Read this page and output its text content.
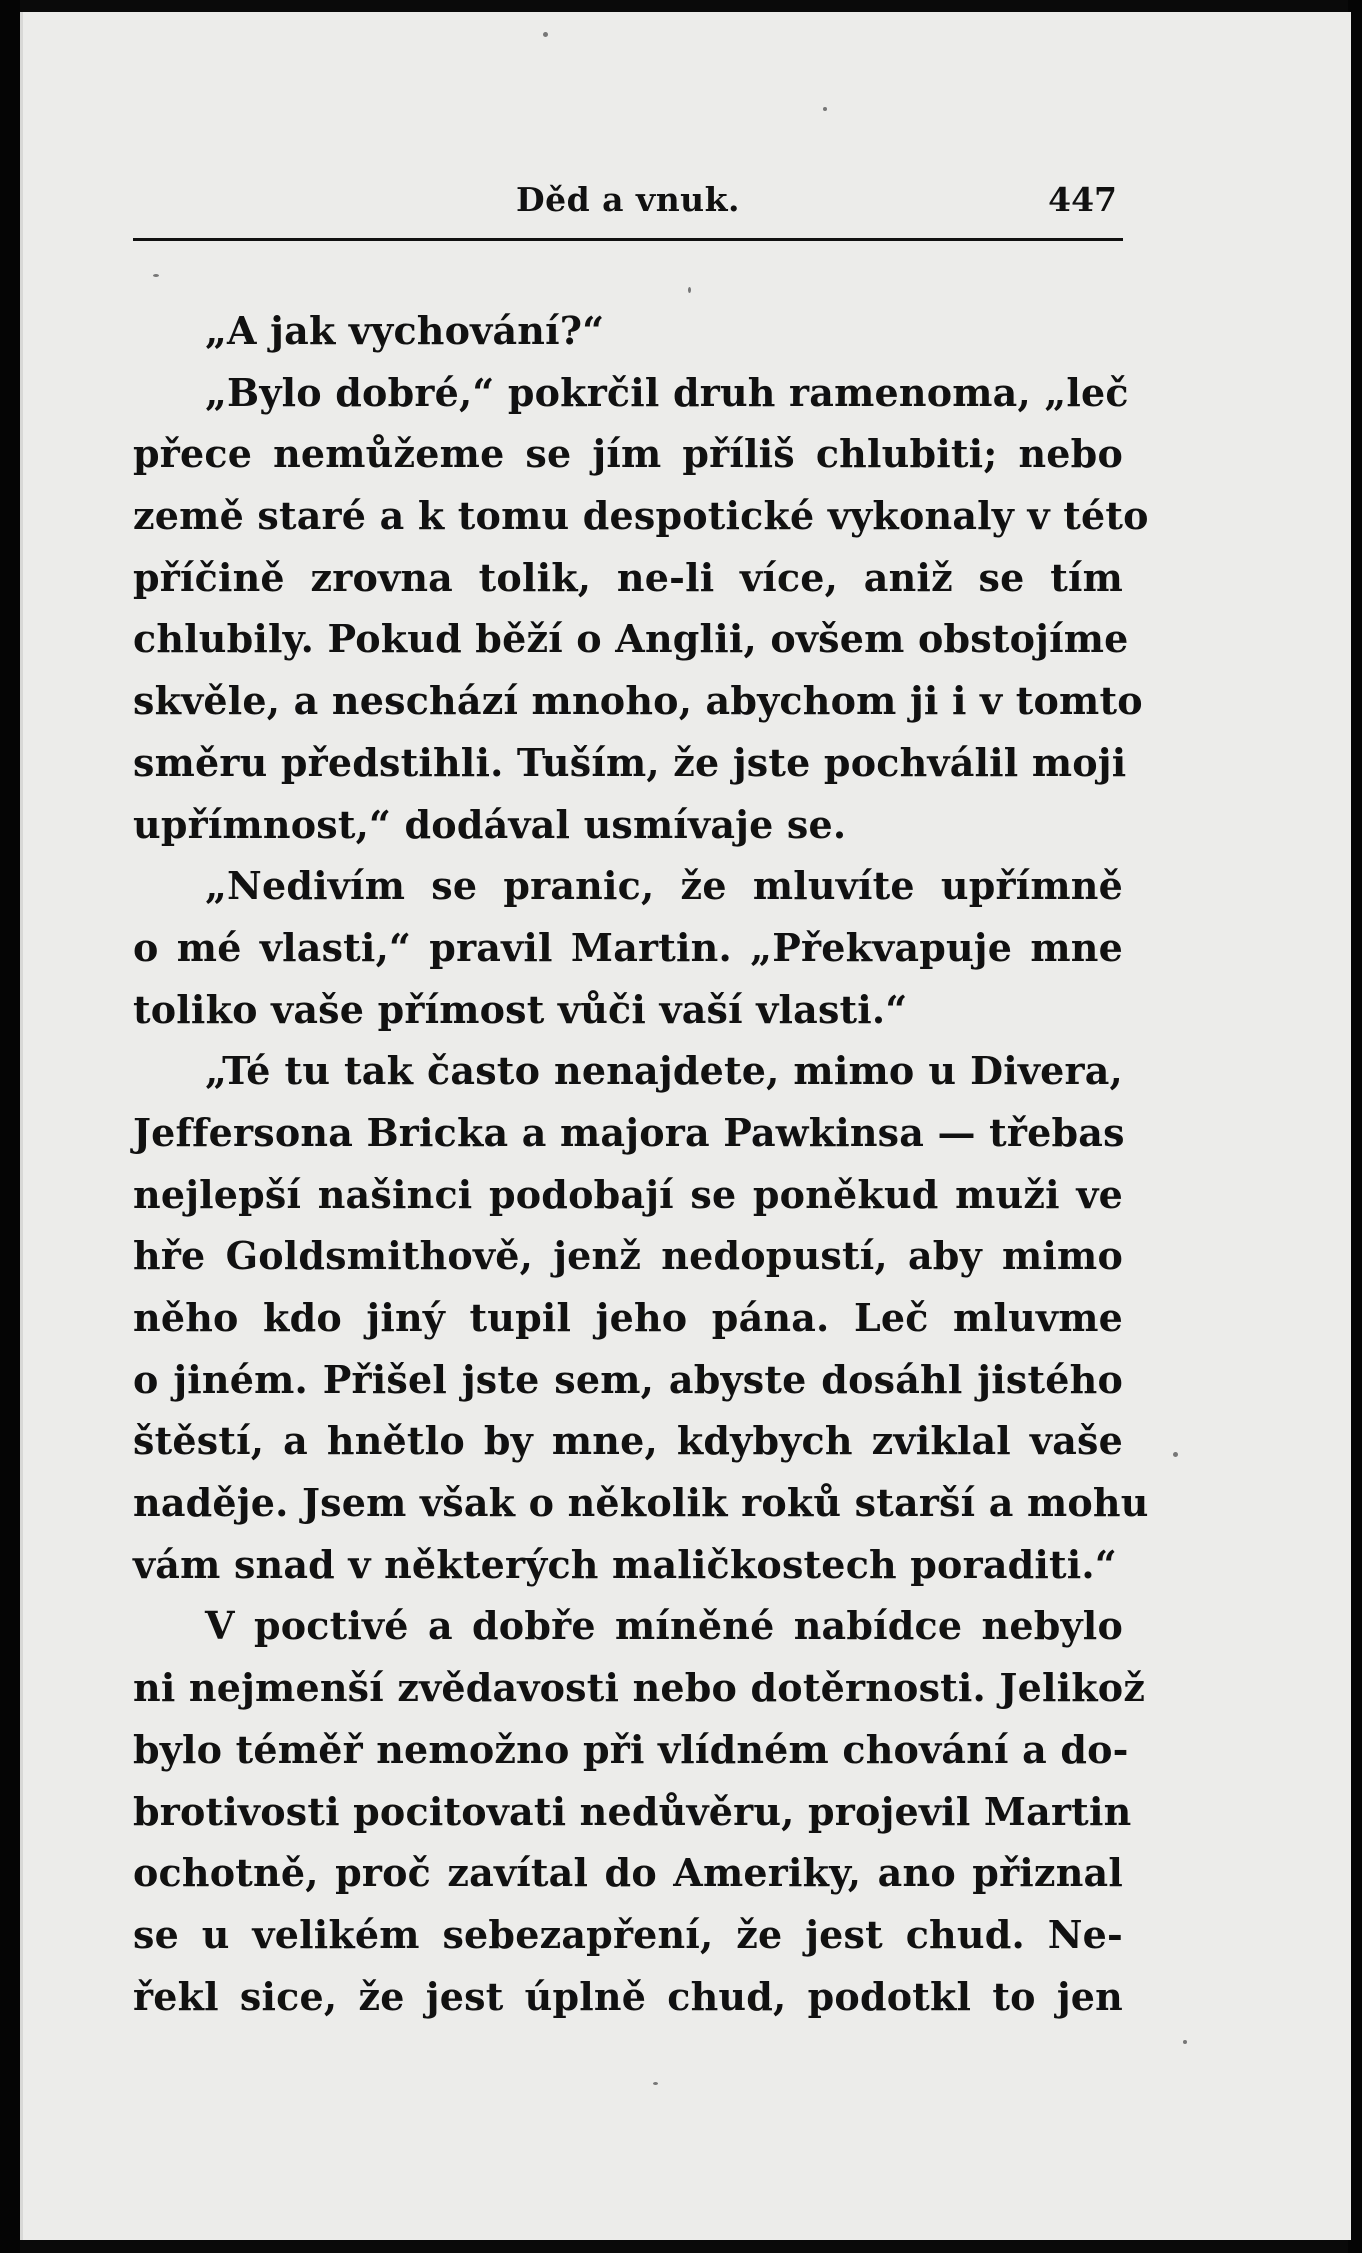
Děd a vnuk.	447
„A jak vychování?“
„Bylo dobré,“ pokrčil druh ramenoma, „leč
přece nemůžeme se jím příliš chlubiti; nebo
země staré a k tomu despotické vykonaly v této
příčině zrovna tolik, ne-li více, aniž se tím
chlubily. Pokud běží o Anglii, ovšem obstojíme
skvěle, a neschází mnoho, abychom ji i v tomto
směru předstihli. Tuším, že jste pochválil moji
upřímnost,“ dodával usmívaje se.
„Nedivím se pranic, že mluvíte upřímně
o mé vlasti,“ pravil Martin. „Překvapuje mne
toliko vaše přímost vůči vaší vlasti.“
„Té tu tak často nenajdete, mimo u Divera,
Jeffersona Bricka a majora Pawkinsa — třebas
nejlepší našinci podobají se poněkud muži ve
hře Goldsmithově, jenž nedopustí, aby mimo
něho kdo jiný tupil jeho pána. Leč mluvme
o jiném. Přišel jste sem, abyste dosáhl jistého
štěstí, a hnětlo by mne, kdybych zviklal vaše
naděje. Jsem však o několik roků starší a mohu
vám snad v některých maličkostech poraditi.“
V poctivé a dobře míněné nabídce nebylo
ni nejmenší zvědavosti nebo dotěrnosti. Jelikož
bylo téměř nemožno při vlídném chování a do-
brotivosti pocitovati nedůvěru, projevil Martin
ochotně, proč zavítal do Ameriky, ano přiznal
se u velikém sebezapření, že jest chud. Ne-
řekl sice, že jest úplně chud, podotkl to jen
